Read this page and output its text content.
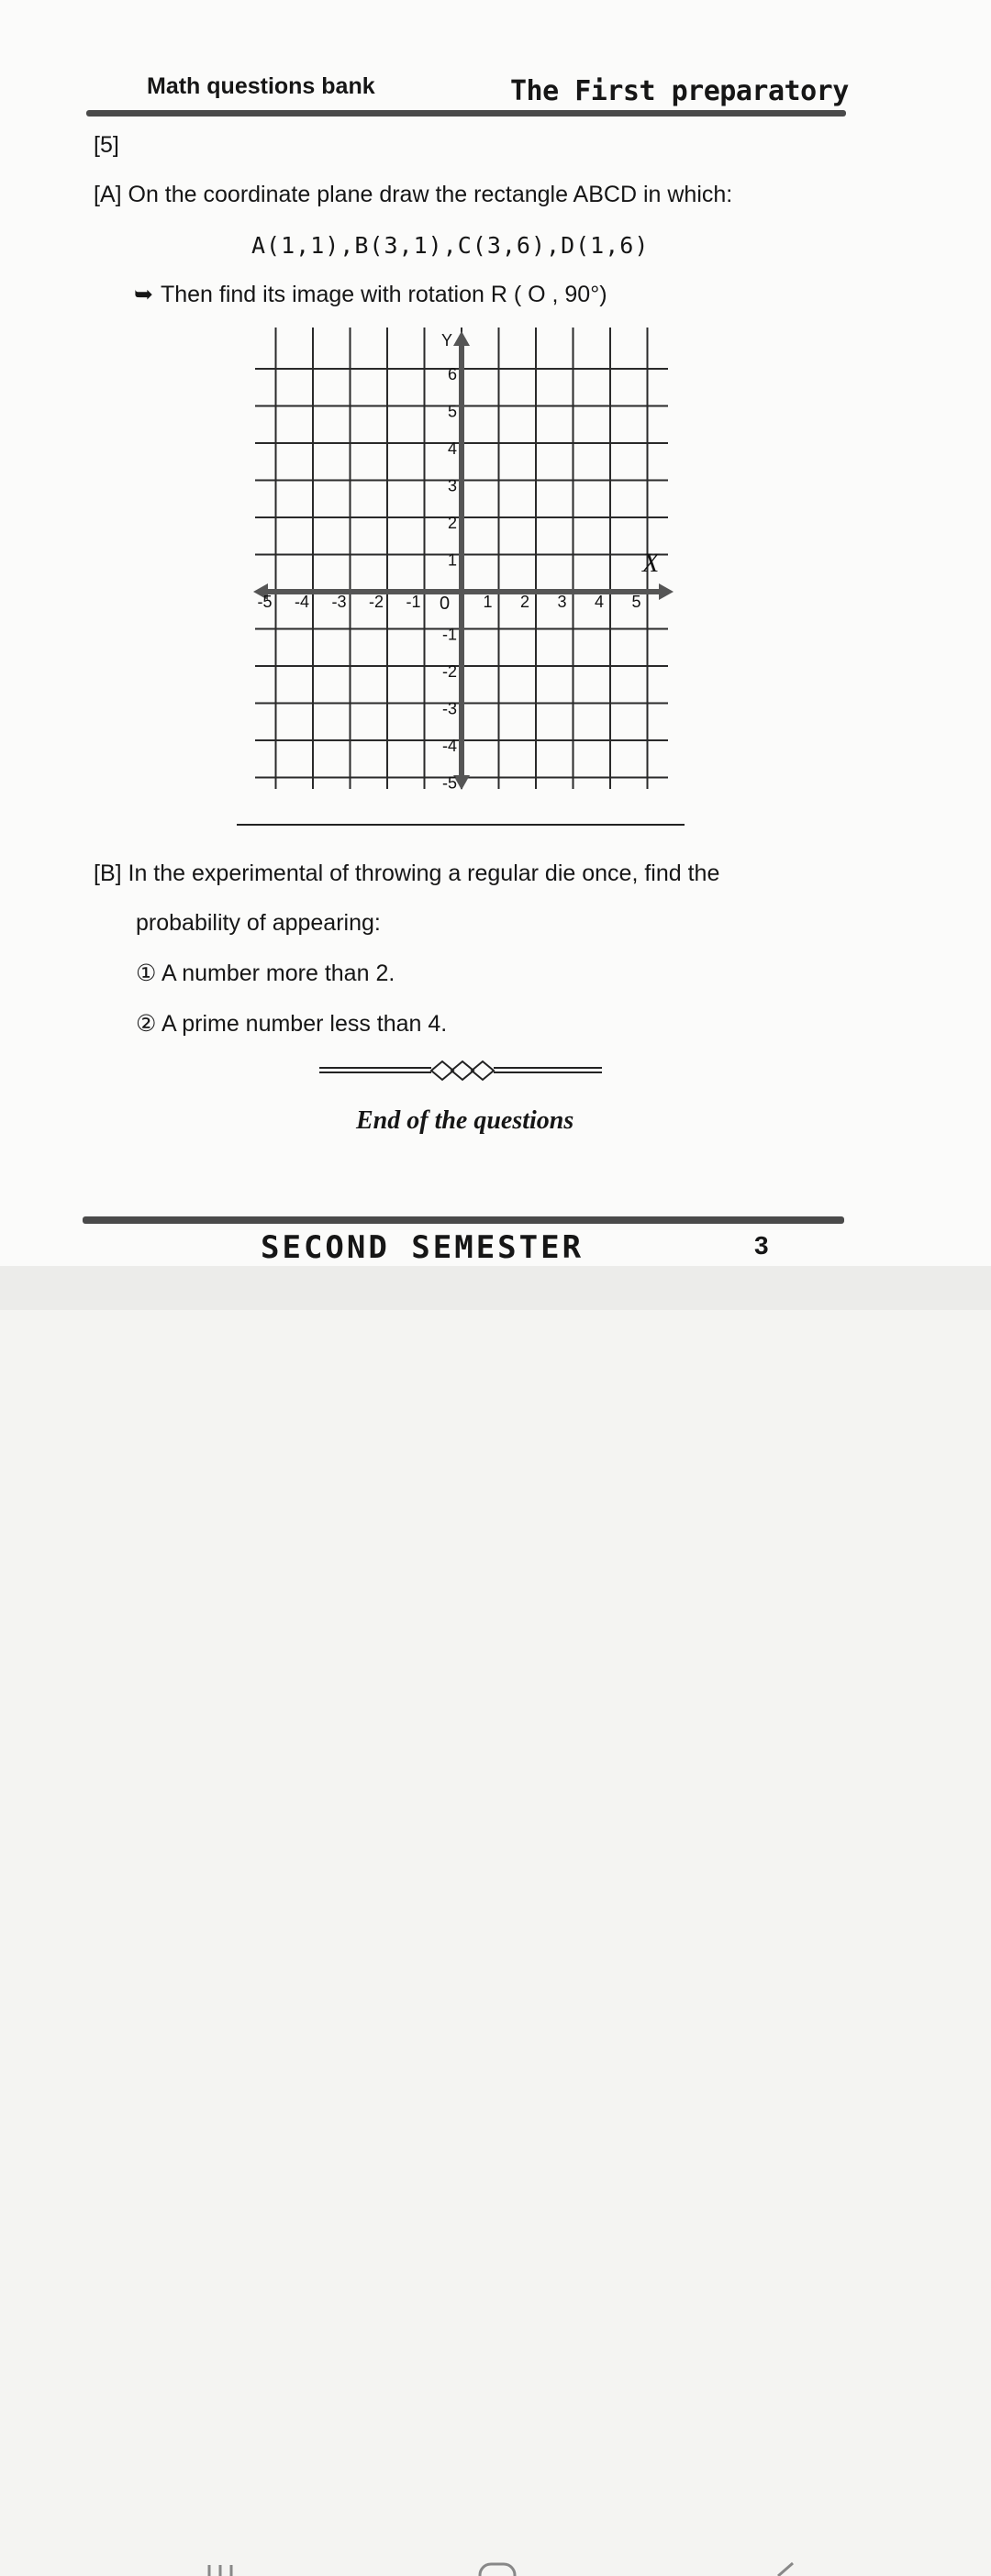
Math questions bank	The First preparatory
[5]
[A] On the coordinate plane draw the rectangle ABCD in which:
A(1,1),B(3,1),C(3,6),D(1,6)
➥ Then find its image with rotation R ( O , 90°)
-5 -4 -3 -2 -1	1 2 3 4 5
6
5
4
3
2
1
-1
-2
-3
-4
-5
0
X
Y
[B] In the experimental of throwing a regular die once, find the
probability of appearing:
① A number more than 2.
② A prime number less than 4.
End of the questions
SECOND SEMESTER	3
